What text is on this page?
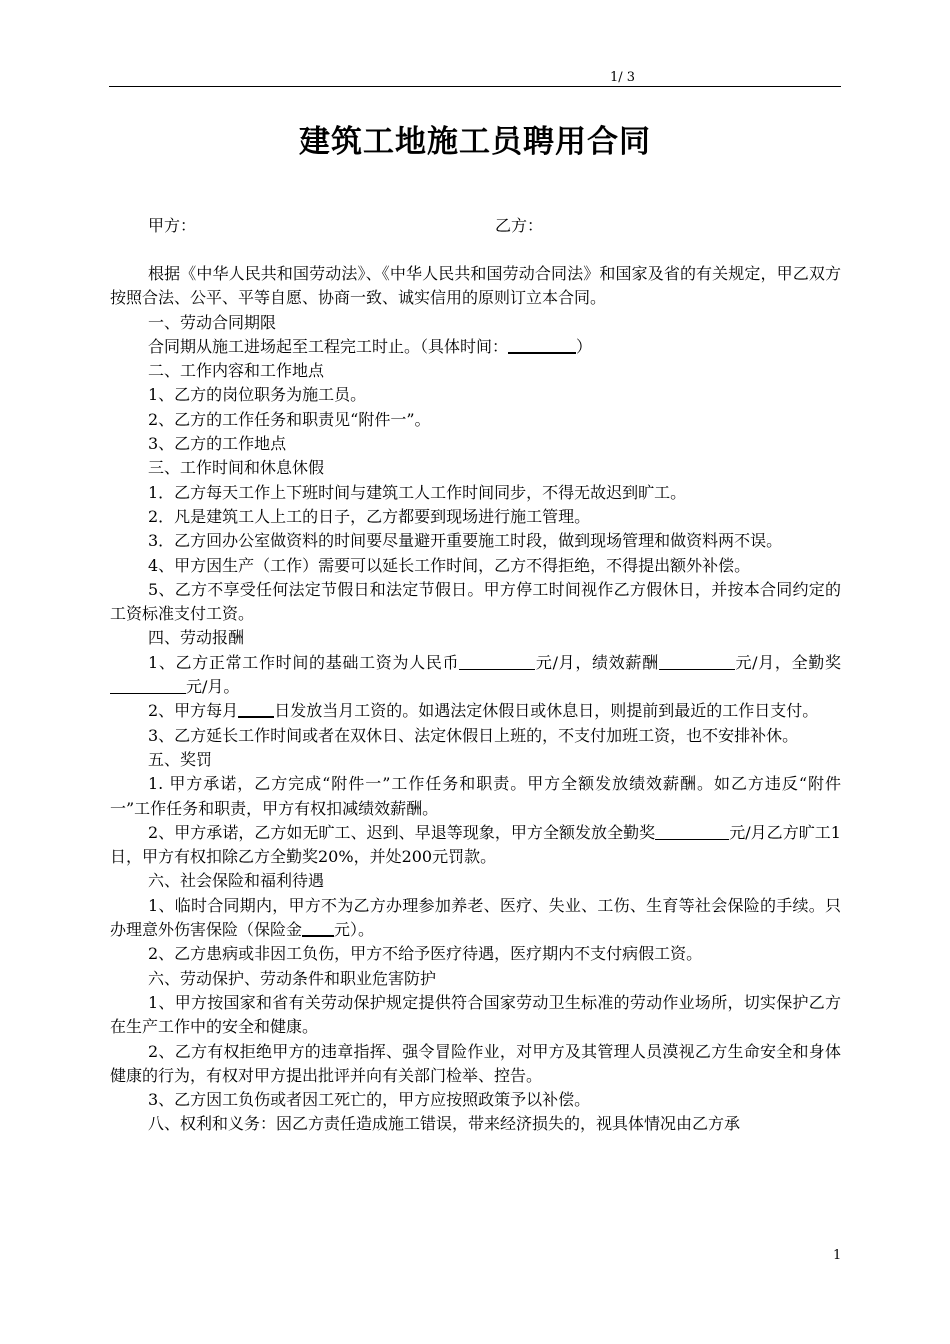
1/ 3
建筑工地施工员聘用合同
甲方：	乙方：

根据《中华人民共和国劳动法》、《中华人民共和国劳动合同法》和国家及省的有关规定，甲乙双方按照合法、公平、平等自愿、协商一致、诚实信用的原则订立本合同。

一、劳动合同期限

合同期从施工进场起至工程完工时止。（具体时间：	）

二、工作内容和工作地点

1、乙方的岗位职务为施工员。

2、乙方的工作任务和职责见“附件一”。

3、乙方的工作地点

三、工作时间和休息休假

1．乙方每天工作上下班时间与建筑工人工作时间同步，不得无故迟到旷工。

2．凡是建筑工人上工的日子，乙方都要到现场进行施工管理。

3．乙方回办公室做资料的时间要尽量避开重要施工时段，做到现场管理和做资料两不误。

4、甲方因生产（工作）需要可以延长工作时间，乙方不得拒绝，不得提出额外补偿。

5、乙方不享受任何法定节假日和法定节假日。甲方停工时间视作乙方假休日，并按本合同约定的工资标准支付工资。

四、劳动报酬

1、乙方正常工作时间的基础工资为人民币	元/月，绩效薪酬	元/月，全勤奖元/月。

2、甲方每月 日发放当月工资的。如遇法定休假日或休息日，则提前到最近的工作日支付。

3、乙方延长工作时间或者在双休日、法定休假日上班的，不支付加班工资，也不安排补休。

五、奖罚

1. 甲方承诺，乙方完成“附件一”工作任务和职责。甲方全额发放绩效薪酬。如乙方违反“附件一”工作任务和职责，甲方有权扣减绩效薪酬。

2、甲方承诺，乙方如无旷工、迟到、早退等现象，甲方全额发放全勤奖	元/月乙方旷工1日，甲方有权扣除乙方全勤奖20%，并处200元罚款。

六、社会保险和福利待遇

1、临时合同期内，甲方不为乙方办理参加养老、医疗、失业、工伤、生育等社会保险的手续。只办理意外伤害保险（保险金 元）。

2、乙方患病或非因工负伤，甲方不给予医疗待遇，医疗期内不支付病假工资。

六、劳动保护、劳动条件和职业危害防护

1、甲方按国家和省有关劳动保护规定提供符合国家劳动卫生标准的劳动作业场所，切实保护乙方在生产工作中的安全和健康。

2、乙方有权拒绝甲方的违章指挥、强令冒险作业，对甲方及其管理人员漠视乙方生命安全和身体健康的行为，有权对甲方提出批评并向有关部门检举、控告。

3、乙方因工负伤或者因工死亡的，甲方应按照政策予以补偿。

八、权利和义务：因乙方责任造成施工错误，带来经济损失的，视具体情况由乙方承

1
